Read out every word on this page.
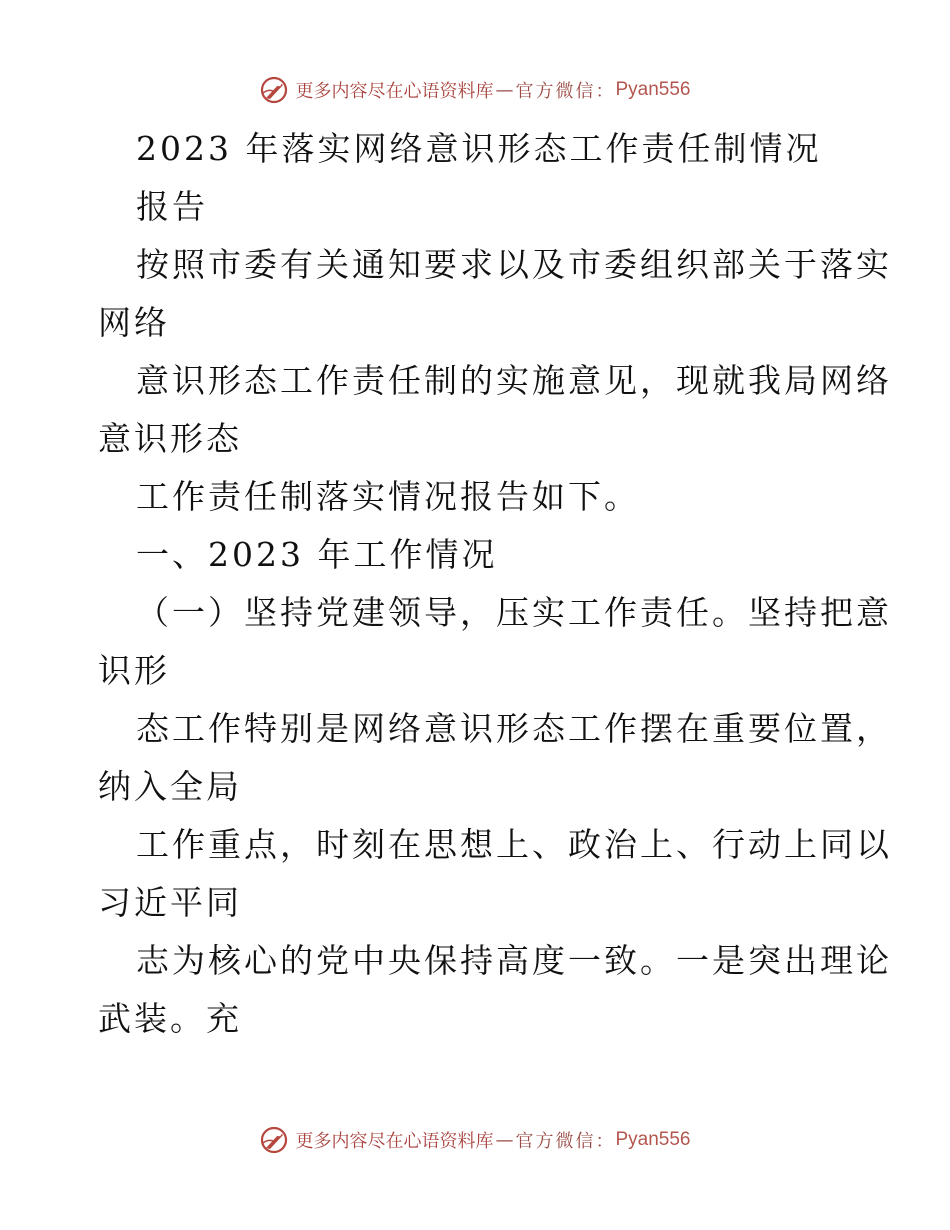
更多内容尽在心语资料库 — 官方微信： Pyan556
2023 年落实网络意识形态工作责任制情况
报告
按照市委有关通知要求以及市委组织部关于落实
网络
意识形态工作责任制的实施意见，现就我局网络
意识形态
工作责任制落实情况报告如下。
一、2023 年工作情况
（一）坚持党建领导，压实工作责任。坚持把意
识形
态工作特别是网络意识形态工作摆在重要位置，
纳入全局
工作重点，时刻在思想上、政治上、行动上同以
习近平同
志为核心的党中央保持高度一致。一是突出理论
武装。充
更多内容尽在心语资料库 — 官方微信： Pyan556
